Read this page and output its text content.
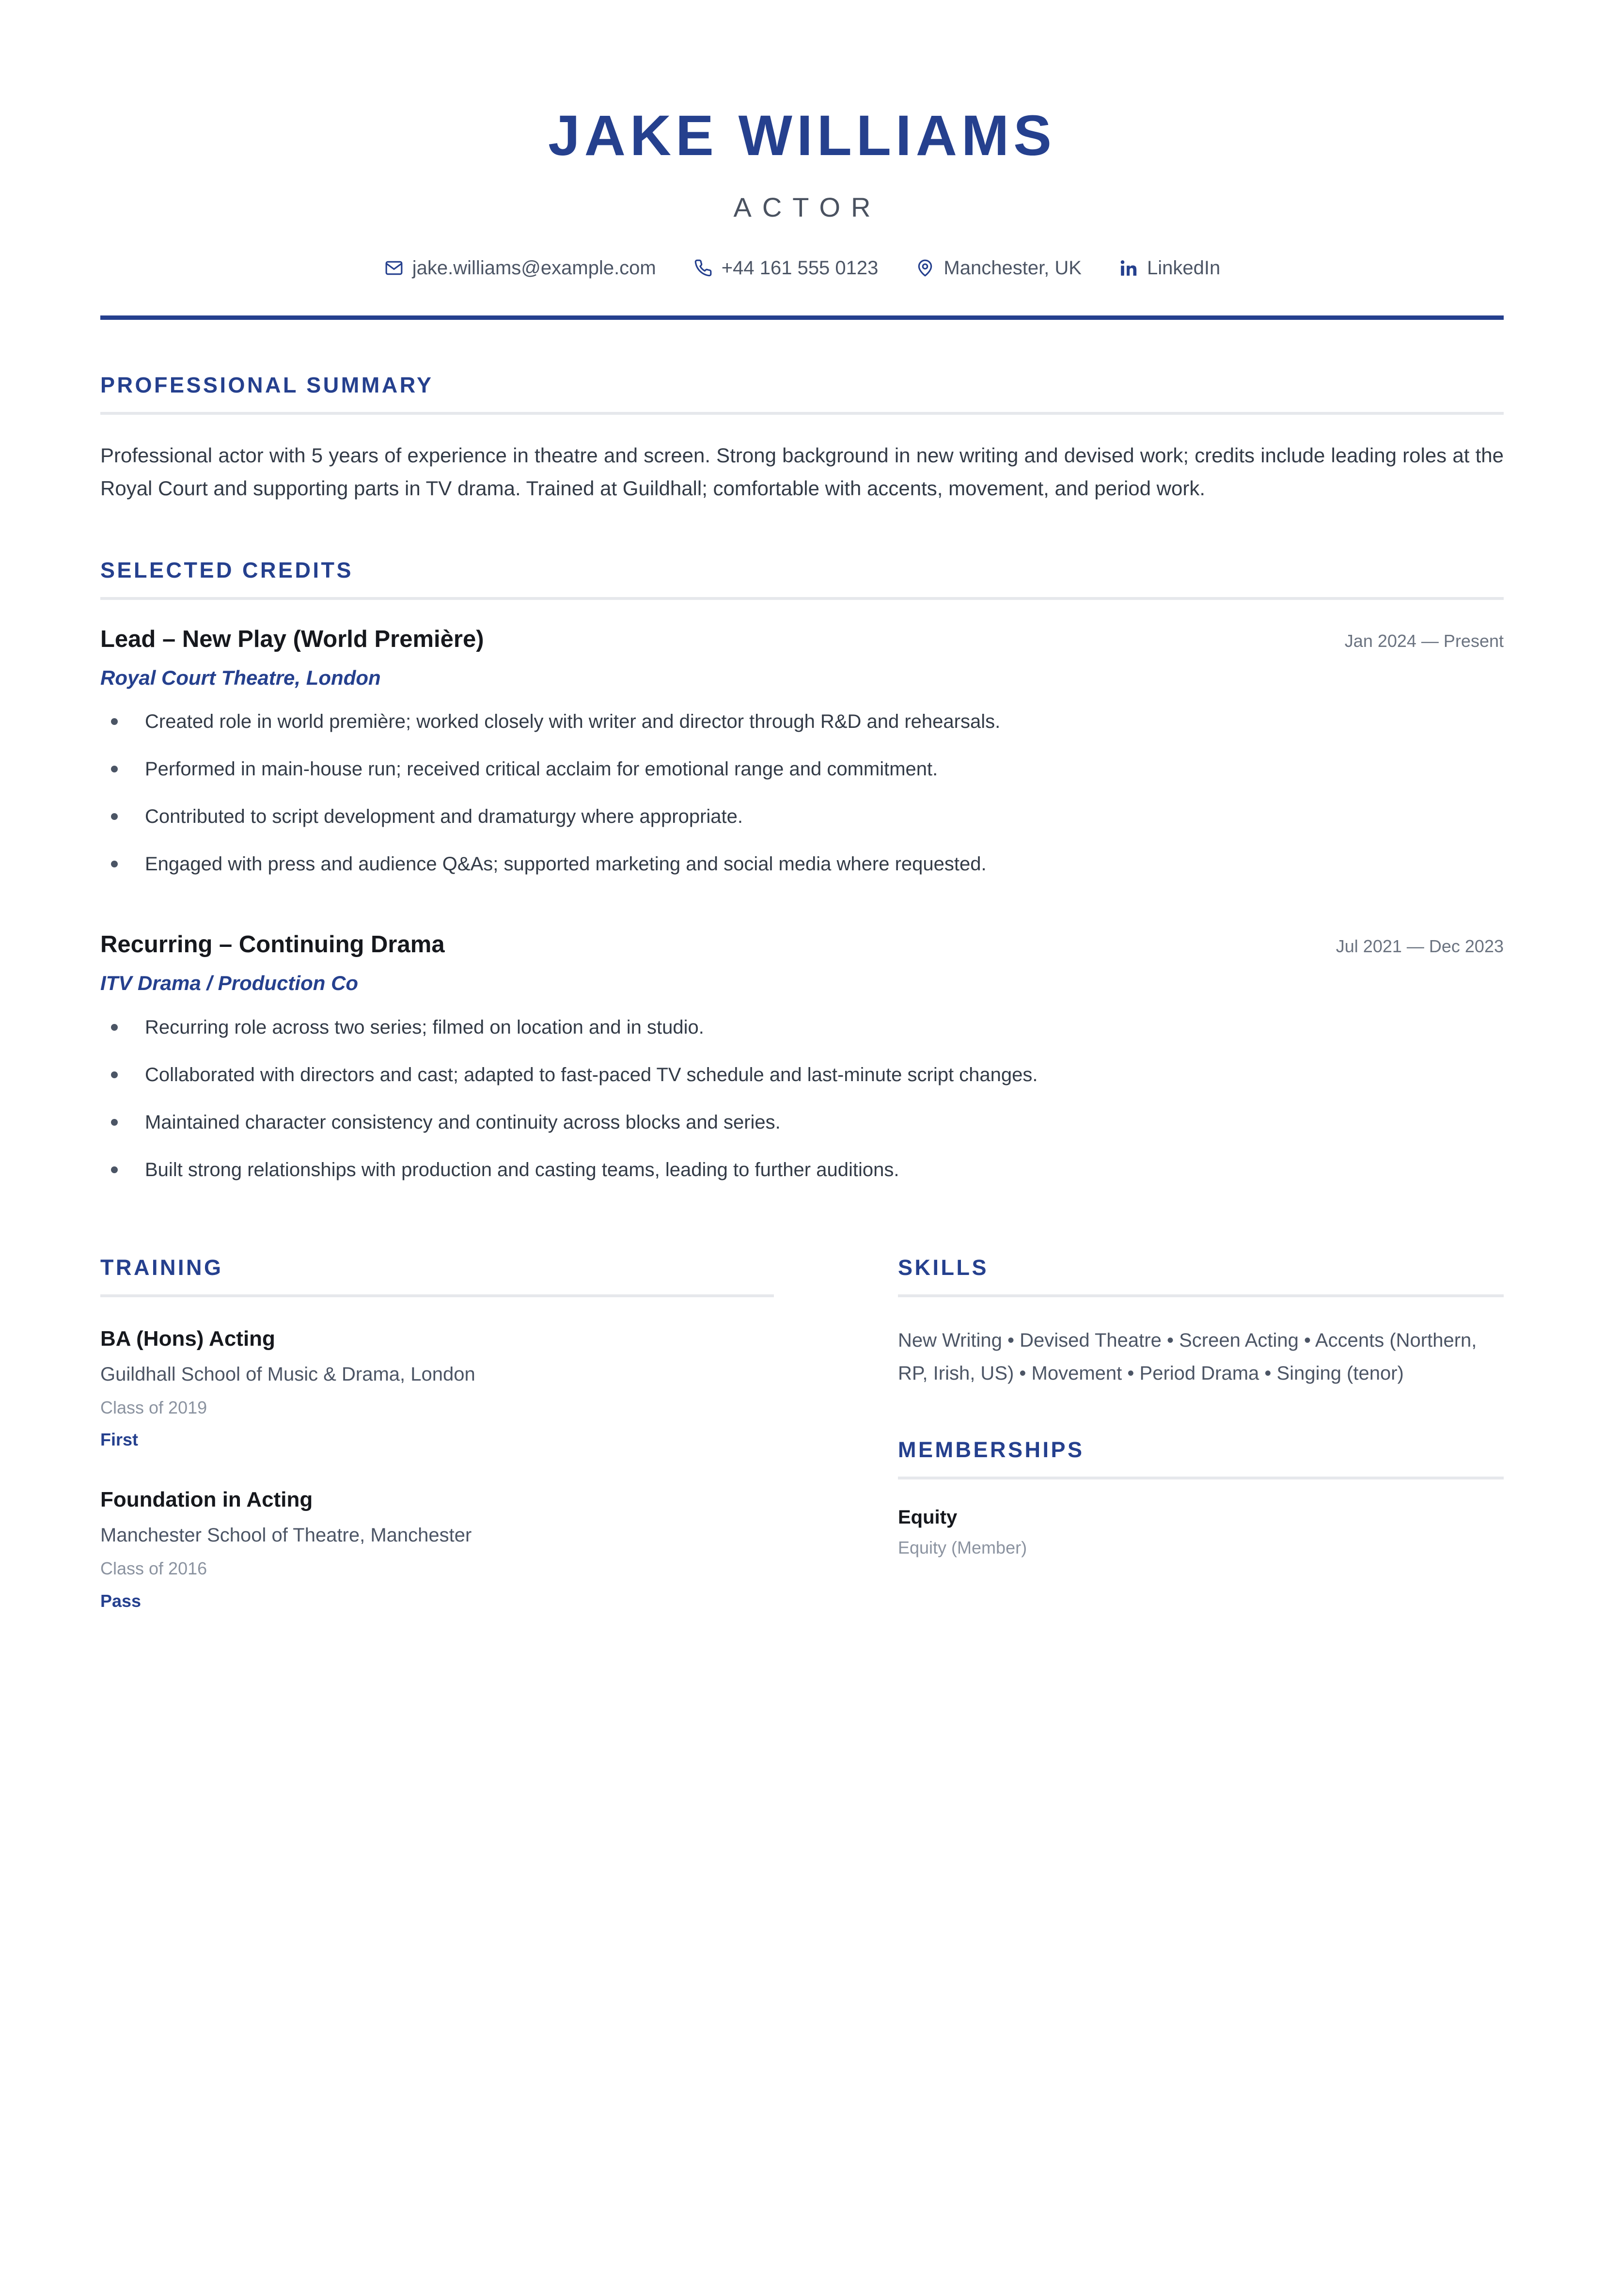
JAKE WILLIAMS
ACTOR
jake.williams@example.com	+44 161 555 0123	Manchester, UK	LinkedIn
PROFESSIONAL SUMMARY

Professional actor with 5 years of experience in theatre and screen. Strong background in new writing and devised work; credits include leading roles at the Royal Court and supporting parts in TV drama. Trained at Guildhall; comfortable with accents, movement, and period work.

SELECTED CREDITS
Lead – New Play (World Première)	Jan 2024 — Present
Royal Court Theatre, London
Created role in world première; worked closely with writer and director through R&D and rehearsals.
Performed in main-house run; received critical acclaim for emotional range and commitment.
Contributed to script development and dramaturgy where appropriate.
Engaged with press and audience Q&As; supported marketing and social media where requested.
Recurring – Continuing Drama	Jul 2021 — Dec 2023
ITV Drama / Production Co
Recurring role across two series; filmed on location and in studio.
Collaborated with directors and cast; adapted to fast-paced TV schedule and last-minute script changes.
Maintained character consistency and continuity across blocks and series.
Built strong relationships with production and casting teams, leading to further auditions.
TRAINING
BA (Hons) Acting
Guildhall School of Music & Drama, London
Class of 2019
First
Foundation in Acting
Manchester School of Theatre, Manchester
Class of 2016
Pass
SKILLS
New Writing • Devised Theatre • Screen Acting • Accents (Northern, RP, Irish, US) • Movement • Period Drama • Singing (tenor)
MEMBERSHIPS
Equity
Equity (Member)
